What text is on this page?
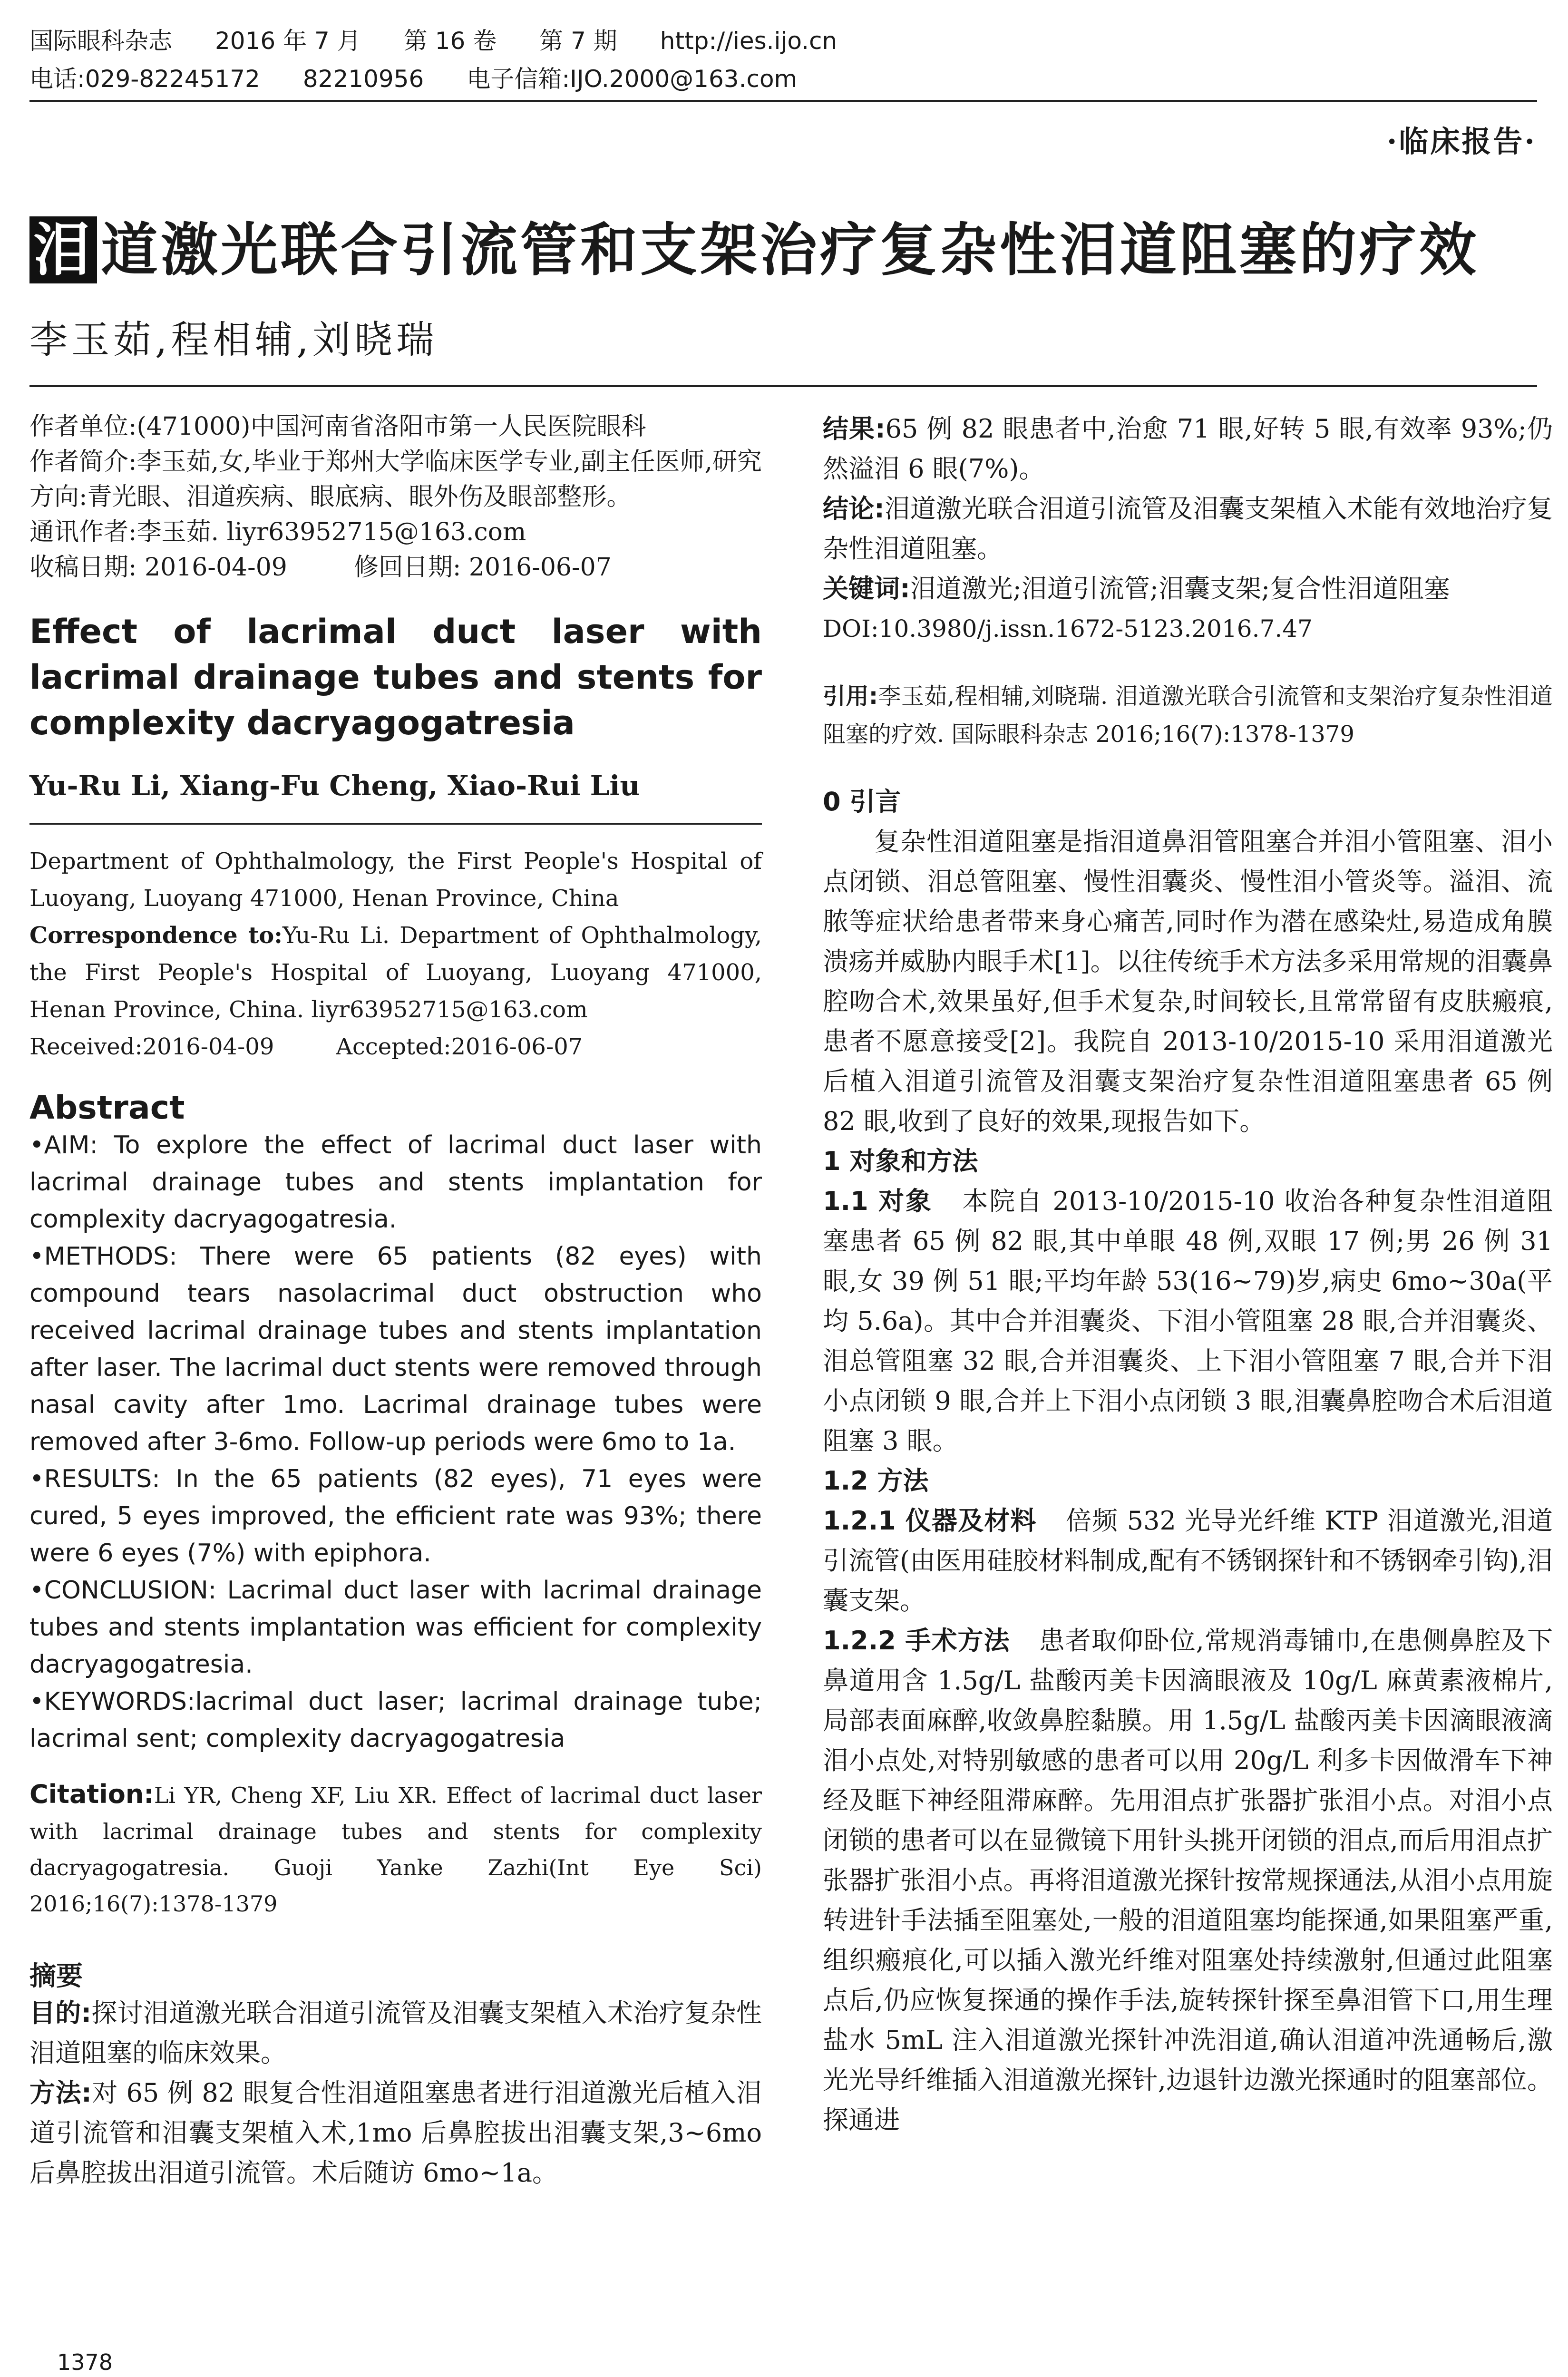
国际眼科杂志 2016 年 7 月 第 16 卷 第 7 期 http://ies.ijo.cn
电话:029-82245172 82210956 电子信箱:IJO.2000@163.com
·临床报告·
泪 道激光联合引流管和支架治疗复杂性泪道阻塞的疗效
李玉茹,程相辅,刘晓瑞

作者单位:(471000)中国河南省洛阳市第一人民医院眼科

作者简介:李玉茹,女,毕业于郑州大学临床医学专业,副主任医师,研究方向:青光眼、泪道疾病、眼底病、眼外伤及眼部整形。

通讯作者:李玉茹. liyr63952715@163.com

收稿日期: 2016-04-09	修回日期: 2016-06-07

Effect of lacrimal duct laser with lacrimal drainage tubes and stents for complexity dacryagogatresia
Yu-Ru Li, Xiang-Fu Cheng, Xiao-Rui Liu
Department of Ophthalmology, the First People's Hospital of Luoyang, Luoyang 471000, Henan Province, China
Correspondence to:Yu-Ru Li. Department of Ophthalmology, the First People's Hospital of Luoyang, Luoyang 471000, Henan Province, China. liyr63952715@163.com
Received:2016-04-09	Accepted:2016-06-07
Abstract

•AIM: To explore the effect of lacrimal duct laser with lacrimal drainage tubes and stents implantation for complexity dacryagogatresia.

•METHODS: There were 65 patients (82 eyes) with compound tears nasolacrimal duct obstruction who received lacrimal drainage tubes and stents implantation after laser. The lacrimal duct stents were removed through nasal cavity after 1mo. Lacrimal drainage tubes were removed after 3-6mo. Follow-up periods were 6mo to 1a.

•RESULTS: In the 65 patients (82 eyes), 71 eyes were cured, 5 eyes improved, the efficient rate was 93%; there were 6 eyes (7%) with epiphora.

•CONCLUSION: Lacrimal duct laser with lacrimal drainage tubes and stents implantation was efficient for complexity dacryagogatresia.

•KEYWORDS:lacrimal duct laser; lacrimal drainage tube; lacrimal sent; complexity dacryagogatresia

Citation:Li YR, Cheng XF, Liu XR. Effect of lacrimal duct laser with lacrimal drainage tubes and stents for complexity dacryagogatresia. Guoji Yanke Zazhi(Int Eye Sci) 2016;16(7):1378-1379
摘要

目的:探讨泪道激光联合泪道引流管及泪囊支架植入术治疗复杂性泪道阻塞的临床效果。

方法:对 65 例 82 眼复合性泪道阻塞患者进行泪道激光后植入泪道引流管和泪囊支架植入术,1mo 后鼻腔拔出泪囊支架,3~6mo 后鼻腔拔出泪道引流管。术后随访 6mo~1a。

结果:65 例 82 眼患者中,治愈 71 眼,好转 5 眼,有效率 93%;仍然溢泪 6 眼(7%)。

结论:泪道激光联合泪道引流管及泪囊支架植入术能有效地治疗复杂性泪道阻塞。

关键词:泪道激光;泪道引流管;泪囊支架;复合性泪道阻塞

DOI:10.3980/j.issn.1672-5123.2016.7.47

引用:李玉茹,程相辅,刘晓瑞. 泪道激光联合引流管和支架治疗复杂性泪道阻塞的疗效. 国际眼科杂志 2016;16(7):1378-1379

0 引言

复杂性泪道阻塞是指泪道鼻泪管阻塞合并泪小管阻塞、泪小点闭锁、泪总管阻塞、慢性泪囊炎、慢性泪小管炎等。溢泪、流脓等症状给患者带来身心痛苦,同时作为潜在感染灶,易造成角膜溃疡并威胁内眼手术[1]。以往传统手术方法多采用常规的泪囊鼻腔吻合术,效果虽好,但手术复杂,时间较长,且常常留有皮肤瘢痕,患者不愿意接受[2]。我院自 2013-10/2015-10 采用泪道激光后植入泪道引流管及泪囊支架治疗复杂性泪道阻塞患者 65 例 82 眼,收到了良好的效果,现报告如下。

1 对象和方法

1.1 对象 本院自 2013-10/2015-10 收治各种复杂性泪道阻塞患者 65 例 82 眼,其中单眼 48 例,双眼 17 例;男 26 例 31 眼,女 39 例 51 眼;平均年龄 53(16~79)岁,病史 6mo~30a(平均 5.6a)。其中合并泪囊炎、下泪小管阻塞 28 眼,合并泪囊炎、泪总管阻塞 32 眼,合并泪囊炎、上下泪小管阻塞 7 眼,合并下泪小点闭锁 9 眼,合并上下泪小点闭锁 3 眼,泪囊鼻腔吻合术后泪道阻塞 3 眼。

1.2 方法

1.2.1 仪器及材料 倍频 532 光导光纤维 KTP 泪道激光,泪道引流管(由医用硅胶材料制成,配有不锈钢探针和不锈钢牵引钩),泪囊支架。

1.2.2 手术方法 患者取仰卧位,常规消毒铺巾,在患侧鼻腔及下鼻道用含 1.5g/L 盐酸丙美卡因滴眼液及 10g/L 麻黄素液棉片,局部表面麻醉,收敛鼻腔黏膜。用 1.5g/L 盐酸丙美卡因滴眼液滴泪小点处,对特别敏感的患者可以用 20g/L 利多卡因做滑车下神经及眶下神经阻滞麻醉。先用泪点扩张器扩张泪小点。对泪小点闭锁的患者可以在显微镜下用针头挑开闭锁的泪点,而后用泪点扩张器扩张泪小点。再将泪道激光探针按常规探通法,从泪小点用旋转进针手法插至阻塞处,一般的泪道阻塞均能探通,如果阻塞严重,组织瘢痕化,可以插入激光纤维对阻塞处持续激射,但通过此阻塞点后,仍应恢复探通的操作手法,旋转探针探至鼻泪管下口,用生理盐水 5mL 注入泪道激光探针冲洗泪道,确认泪道冲洗通畅后,激光光导纤维插入泪道激光探针,边退针边激光探通时的阻塞部位。探通进

1378
